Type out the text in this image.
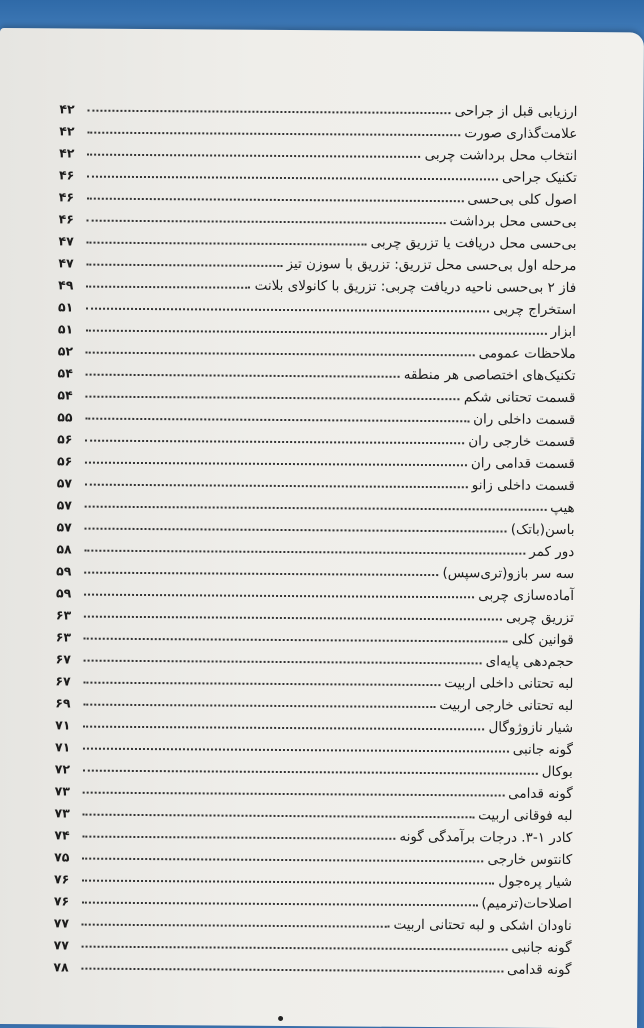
ارزیابی قبل از جراحی
۴۲
علامت‌گذاری صورت
۴۲
انتخاب محل برداشت چربی
۴۲
تکنیک جراحی
۴۶
اصول کلی بی‌حسی
۴۶
بی‌حسی محل برداشت
۴۶
بی‌حسی محل دریافت یا تزریق چربی
۴۷
مرحله اول بی‌حسی محل تزریق: تزریق با سوزن تیز
۴۷
فاز ۲ بی‌حسی ناحیه دریافت چربی: تزریق با کانولای بلانت
۴۹
استخراج چربی
۵۱
ابزار
۵۱
ملاحظات عمومی
۵۲
تکنیک‌های اختصاصی هر منطقه
۵۴
قسمت تحتانی شکم
۵۴
قسمت داخلی ران
۵۵
قسمت خارجی ران
۵۶
قسمت قدامی ران
۵۶
قسمت داخلی زانو
۵۷
هیپ
۵۷
باسن(باتک)
۵۷
دور کمر
۵۸
سه سر بازو(تری‌سپس)
۵۹
آماده‌سازی چربی
۵۹
تزریق چربی
۶۳
قوانین کلی
۶۳
حجم‌دهی پایه‌ای
۶۷
لبه تحتانی داخلی اربیت
۶۷
لبه تحتانی خارجی اربیت
۶۹
شیار نازوژوگال
۷۱
گونه جانبی
۷۱
بوکال
۷۲
گونه قدامی
۷۳
لبه فوقانی اربیت
۷۳
کادر ۱-۳. درجات برآمدگی گونه
۷۴
کانتوس خارجی
۷۵
شیار پره‌جول
۷۶
اصلاحات(ترمیم)
۷۶
ناودان اشکی و لبه تحتانی اربیت
۷۷
گونه جانبی
۷۷
گونه قدامی
۷۸
